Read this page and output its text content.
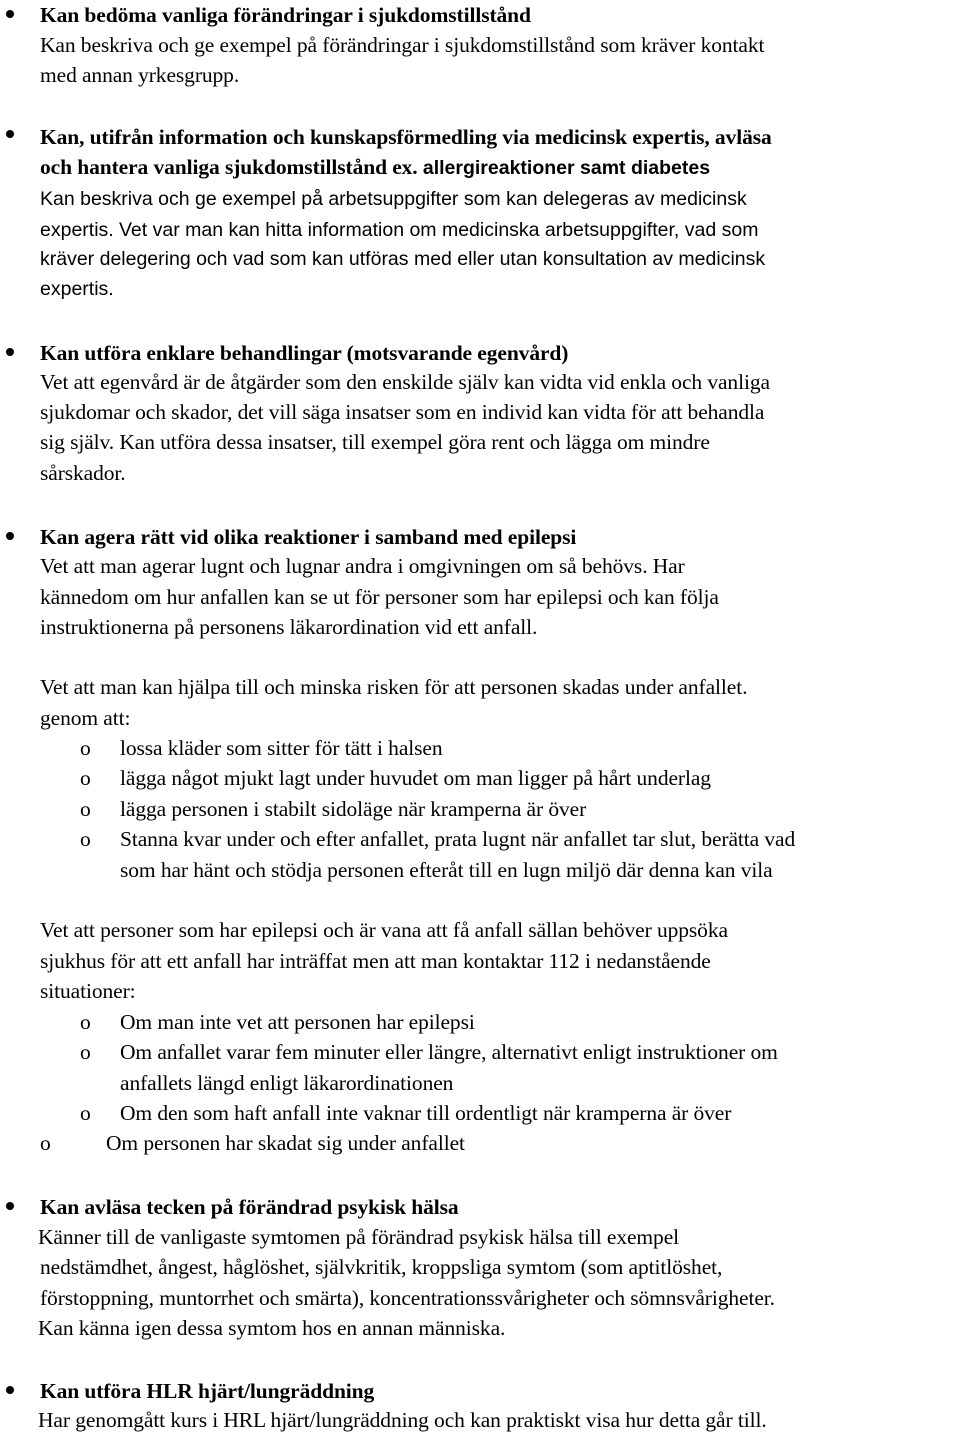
Kan bedöma vanliga förändringar i sjukdomstillstånd
Kan beskriva och ge exempel på förändringar i sjukdomstillstånd som kräver kontakt
med annan yrkesgrupp.
Kan, utifrån information och kunskapsförmedling via medicinsk expertis, avläsa
och hantera vanliga sjukdomstillstånd ex. allergireaktioner samt diabetes
Kan beskriva och ge exempel på arbetsuppgifter som kan delegeras av medicinsk
expertis. Vet var man kan hitta information om medicinska arbetsuppgifter, vad som
kräver delegering och vad som kan utföras med eller utan konsultation av medicinsk
expertis.
Kan utföra enklare behandlingar (motsvarande egenvård)
Vet att egenvård är de åtgärder som den enskilde själv kan vidta vid enkla och vanliga
sjukdomar och skador, det vill säga insatser som en individ kan vidta för att behandla
sig själv. Kan utföra dessa insatser, till exempel göra rent och lägga om mindre
sårskador.
Kan agera rätt vid olika reaktioner i samband med epilepsi
Vet att man agerar lugnt och lugnar andra i omgivningen om så behövs. Har
kännedom om hur anfallen kan se ut för personer som har epilepsi och kan följa
instruktionerna på personens läkarordination vid ett anfall.
Vet att man kan hjälpa till och minska risken för att personen skadas under anfallet.
genom att:
o lossa kläder som sitter för tätt i halsen
o lägga något mjukt lagt under huvudet om man ligger på hårt underlag
o lägga personen i stabilt sidoläge när kramperna är över
o Stanna kvar under och efter anfallet, prata lugnt när anfallet tar slut, berätta vad
som har hänt och stödja personen efteråt till en lugn miljö där denna kan vila
Vet att personer som har epilepsi och är vana att få anfall sällan behöver uppsöka
sjukhus för att ett anfall har inträffat men att man kontaktar 112 i nedanstående
situationer:
o Om man inte vet att personen har epilepsi
o Om anfallet varar fem minuter eller längre, alternativt enligt instruktioner om
anfallets längd enligt läkarordinationen
o Om den som haft anfall inte vaknar till ordentligt när kramperna är över
o	Om personen har skadat sig under anfallet
Kan avläsa tecken på förändrad psykisk hälsa
Känner till de vanligaste symtomen på förändrad psykisk hälsa till exempel
nedstämdhet, ångest, håglöshet, självkritik, kroppsliga symtom (som aptitlöshet,
förstoppning, muntorrhet och smärta), koncentrationssvårigheter och sömnsvårigheter.
Kan känna igen dessa symtom hos en annan människa.
Kan utföra HLR hjärt/lungräddning
Har genomgått kurs i HRL hjärt/lungräddning och kan praktiskt visa hur detta går till.
